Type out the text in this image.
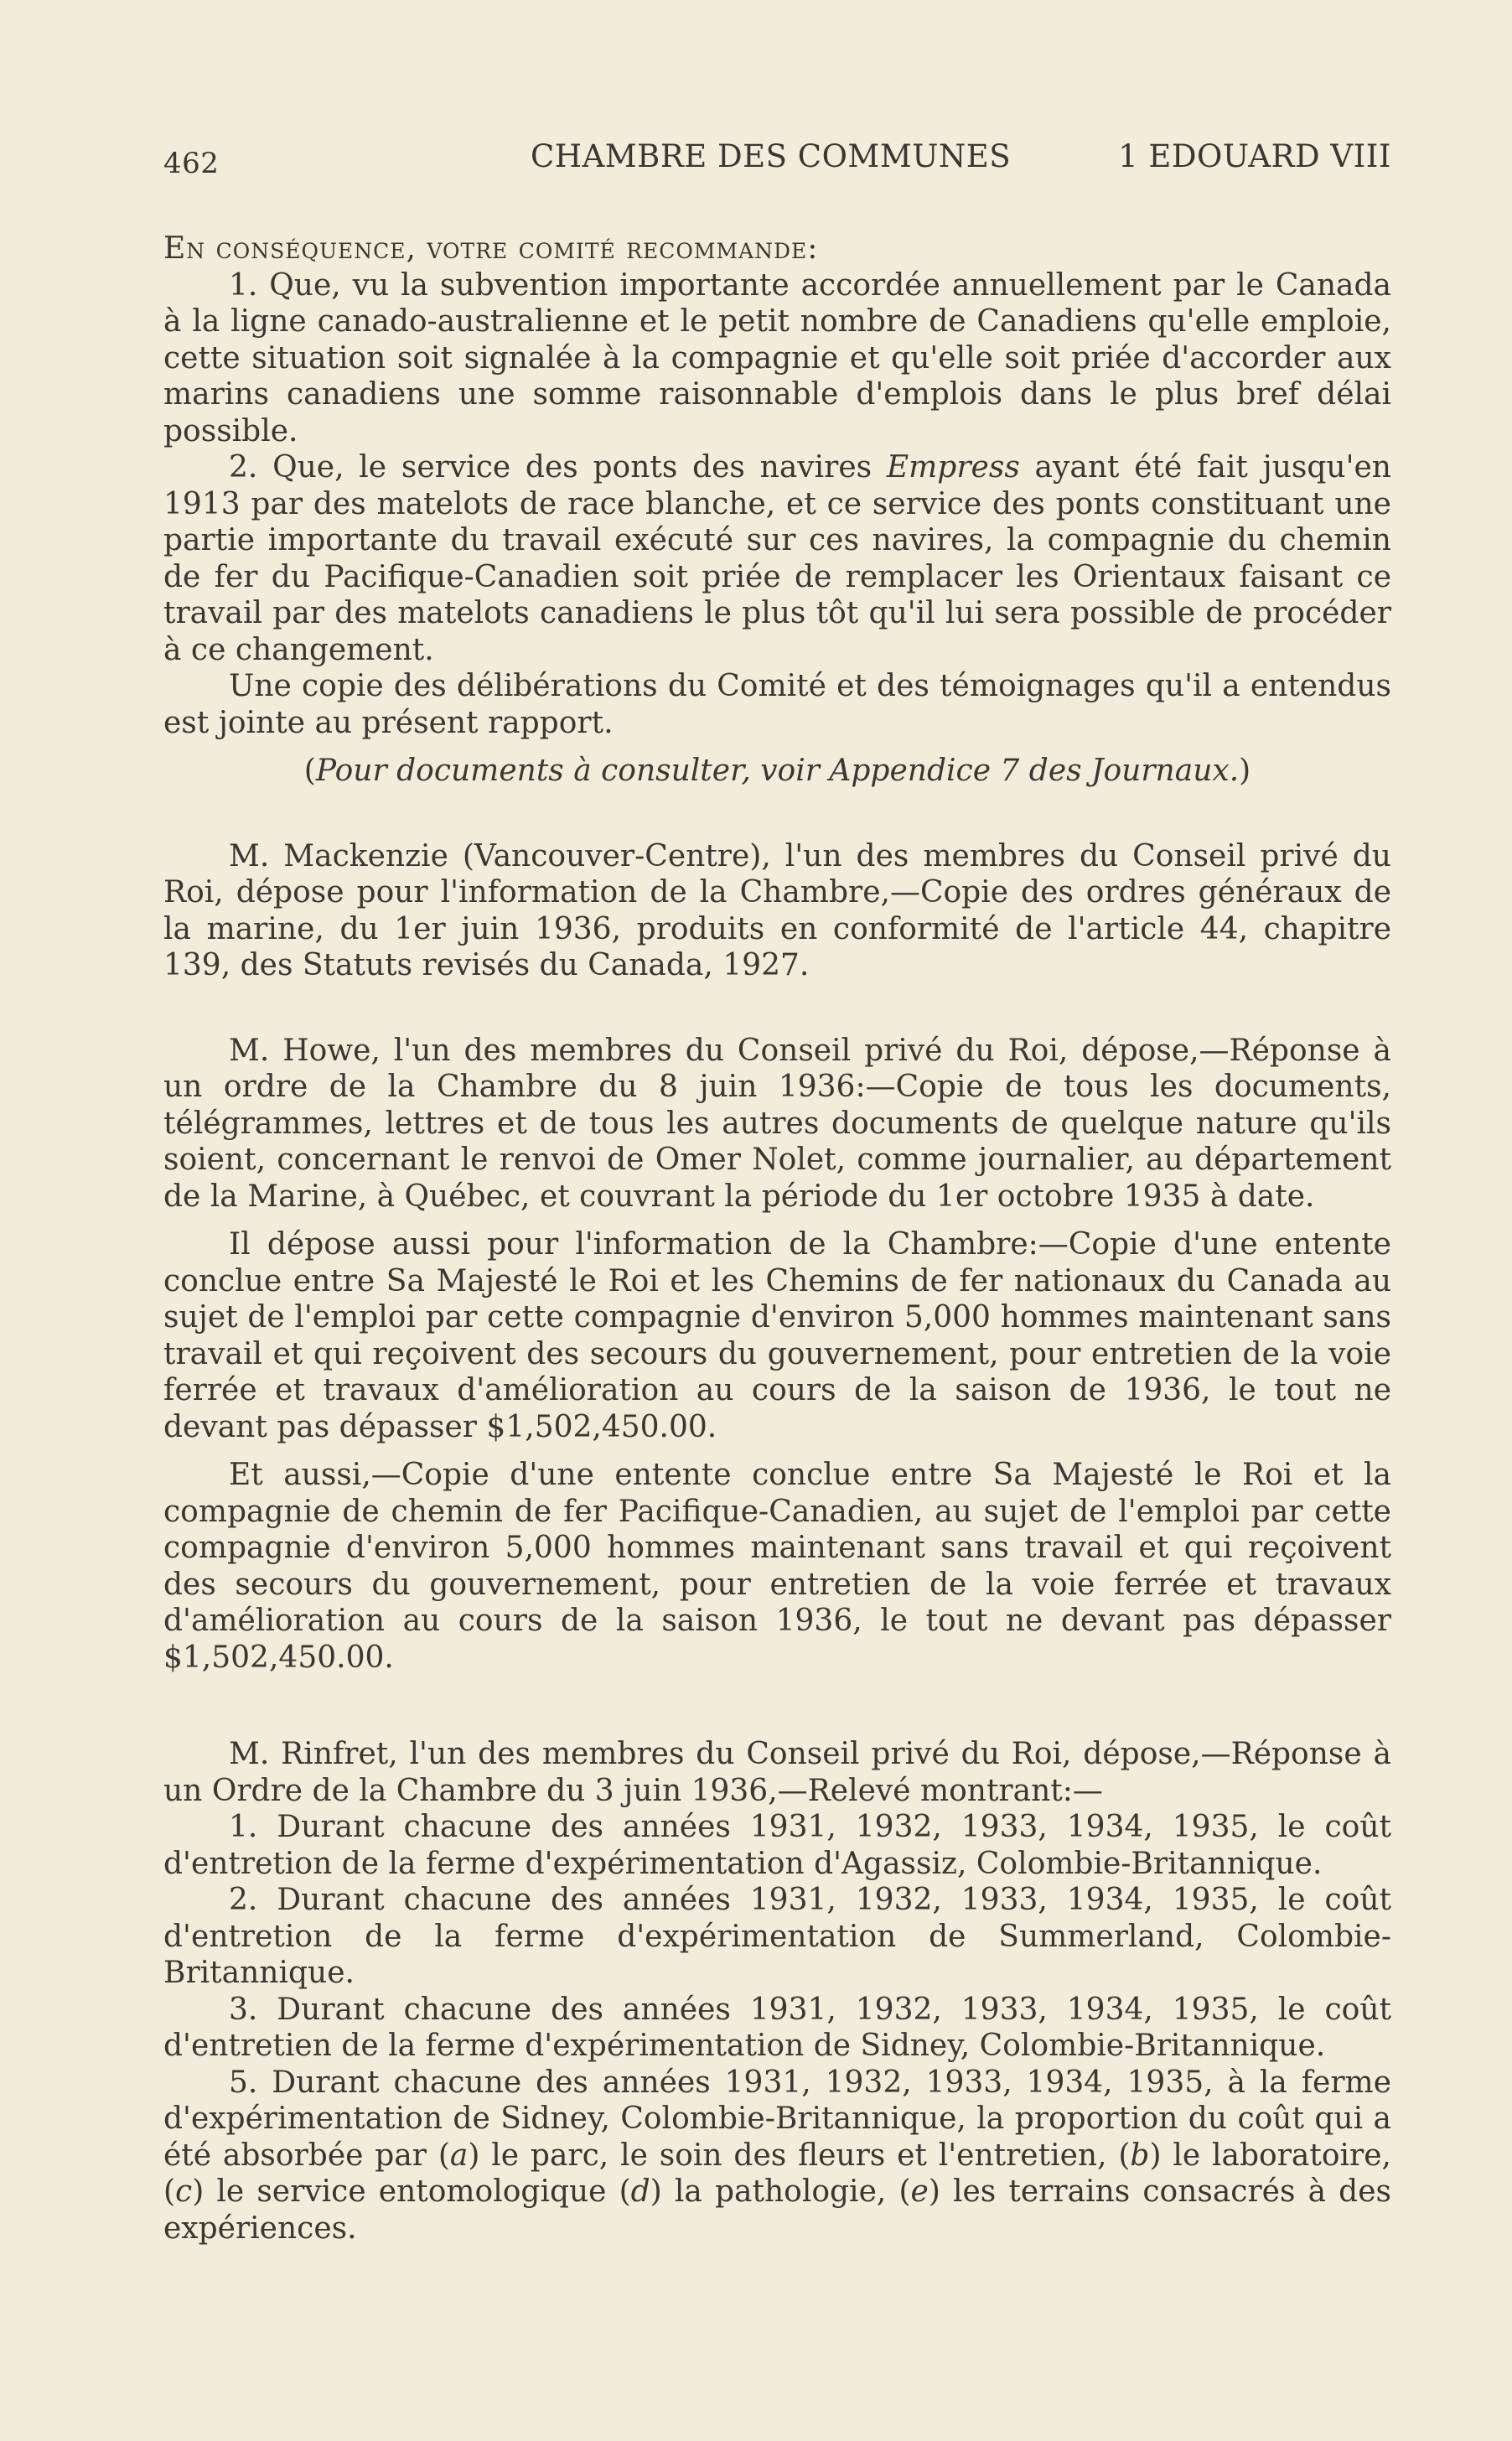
462	CHAMBRE DES COMMUNES	1 EDOUARD VIII

En conséquence, votre comité recommande:

1. Que, vu la subvention importante accordée annuellement par le Canada à la ligne canado-australienne et le petit nombre de Canadiens qu'elle emploie, cette situation soit signalée à la compagnie et qu'elle soit priée d'accorder aux marins canadiens une somme raisonnable d'emplois dans le plus bref délai possible.

2. Que, le service des ponts des navires Empress ayant été fait jusqu'en 1913 par des matelots de race blanche, et ce service des ponts constituant une partie importante du travail exécuté sur ces navires, la compagnie du chemin de fer du Pacifique-Canadien soit priée de remplacer les Orientaux faisant ce travail par des matelots canadiens le plus tôt qu'il lui sera possible de procéder à ce changement.

Une copie des délibérations du Comité et des témoignages qu'il a entendus est jointe au présent rapport.

(Pour documents à consulter, voir Appendice 7 des Journaux.)

M. Mackenzie (Vancouver-Centre), l'un des membres du Conseil privé du Roi, dépose pour l'information de la Chambre,—Copie des ordres généraux de la marine, du 1er juin 1936, produits en conformité de l'article 44, chapitre 139, des Statuts revisés du Canada, 1927.

M. Howe, l'un des membres du Conseil privé du Roi, dépose,—Réponse à un ordre de la Chambre du 8 juin 1936:—Copie de tous les documents, télégrammes, lettres et de tous les autres documents de quelque nature qu'ils soient, concernant le renvoi de Omer Nolet, comme journalier, au département de la Marine, à Québec, et couvrant la période du 1er octobre 1935 à date.

Il dépose aussi pour l'information de la Chambre:—Copie d'une entente conclue entre Sa Majesté le Roi et les Chemins de fer nationaux du Canada au sujet de l'emploi par cette compagnie d'environ 5,000 hommes maintenant sans travail et qui reçoivent des secours du gouvernement, pour entretien de la voie ferrée et travaux d'amélioration au cours de la saison de 1936, le tout ne devant pas dépasser $1,502,450.00.

Et aussi,—Copie d'une entente conclue entre Sa Majesté le Roi et la compagnie de chemin de fer Pacifique-Canadien, au sujet de l'emploi par cette compagnie d'environ 5,000 hommes maintenant sans travail et qui reçoivent des secours du gouvernement, pour entretien de la voie ferrée et travaux d'amélioration au cours de la saison 1936, le tout ne devant pas dépasser $1,502,450.00.

M. Rinfret, l'un des membres du Conseil privé du Roi, dépose,—Réponse à un Ordre de la Chambre du 3 juin 1936,—Relevé montrant:—

1. Durant chacune des années 1931, 1932, 1933, 1934, 1935, le coût d'entretion de la ferme d'expérimentation d'Agassiz, Colombie-Britannique.

2. Durant chacune des années 1931, 1932, 1933, 1934, 1935, le coût d'entretion de la ferme d'expérimentation de Summerland, Colombie-Britannique.

3. Durant chacune des années 1931, 1932, 1933, 1934, 1935, le coût d'entretien de la ferme d'expérimentation de Sidney, Colombie-Britannique.

5. Durant chacune des années 1931, 1932, 1933, 1934, 1935, à la ferme d'expérimentation de Sidney, Colombie-Britannique, la proportion du coût qui a été absorbée par (a) le parc, le soin des fleurs et l'entretien, (b) le laboratoire, (c) le service entomologique (d) la pathologie, (e) les terrains consacrés à des expériences.
